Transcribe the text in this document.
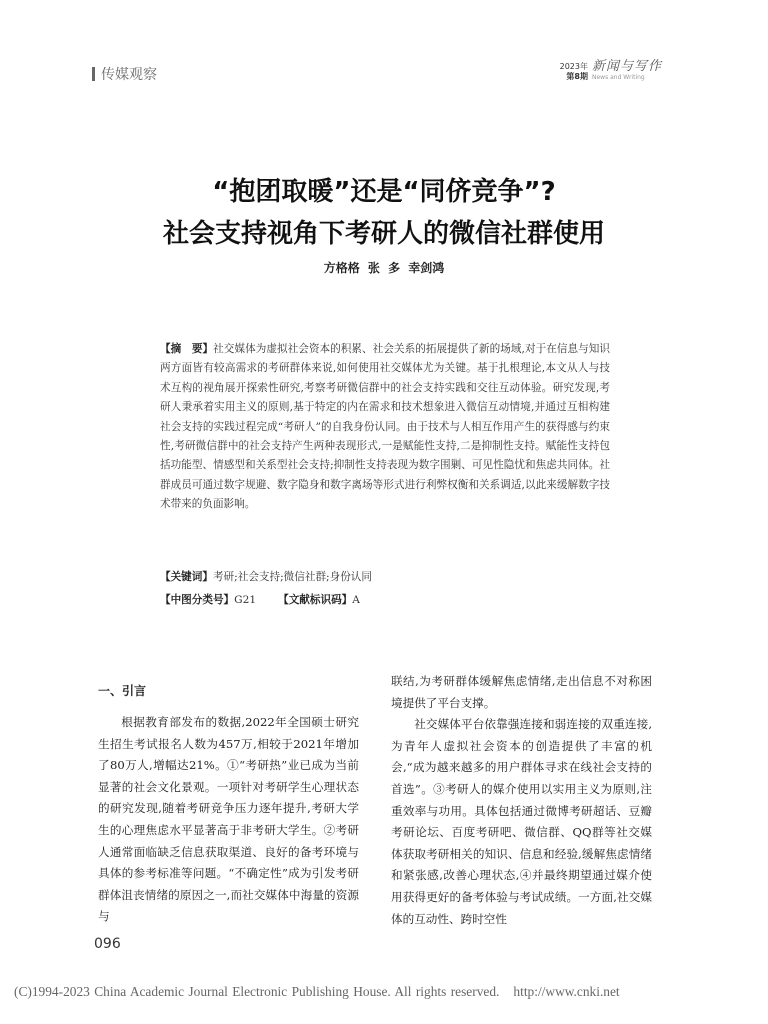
传媒观察
2023年
第8期
新闻与写作
News and Writing
“抱团取暖”还是“同侪竞争”?
社会支持视角下考研人的微信社群使用
方格格 张 多 幸剑鸿
【摘　要】社交媒体为虚拟社会资本的积累、社会关系的拓展提供了新的场域,对于在信息与知识两方面皆有较高需求的考研群体来说,如何使用社交媒体尤为关键。基于扎根理论,本文从人与技术互构的视角展开探索性研究,考察考研微信群中的社会支持实践和交往互动体验。研究发现,考研人秉承着实用主义的原则,基于特定的内在需求和技术想象进入微信互动情境,并通过互相构建社会支持的实践过程完成“考研人”的自我身份认同。由于技术与人相互作用产生的获得感与约束性,考研微信群中的社会支持产生两种表现形式,一是赋能性支持,二是抑制性支持。赋能性支持包括功能型、情感型和关系型社会支持;抑制性支持表现为数字围剿、可见性隐忧和焦虑共同体。社群成员可通过数字规避、数字隐身和数字离场等形式进行利弊权衡和关系调适,以此来缓解数字技术带来的负面影响。
【关键词】考研;社会支持;微信社群;身份认同
【中图分类号】G21 【文献标识码】A

一、引言

根据教育部发布的数据,2022年全国硕士研究生招生考试报名人数为457万,相较于2021年增加了80万人,增幅达21%。①“考研热”业已成为当前显著的社会文化景观。一项针对考研学生心理状态的研究发现,随着考研竞争压力逐年提升,考研大学生的心理焦虑水平显著高于非考研大学生。②考研人通常面临缺乏信息获取渠道、良好的备考环境与具体的参考标准等问题。“不确定性”成为引发考研群体沮丧情绪的原因之一,而社交媒体中海量的资源与

联结,为考研群体缓解焦虑情绪,走出信息不对称困境提供了平台支撑。

社交媒体平台依靠强连接和弱连接的双重连接,为青年人虚拟社会资本的创造提供了丰富的机会,“成为越来越多的用户群体寻求在线社会支持的首选”。③考研人的媒介使用以实用主义为原则,注重效率与功用。具体包括通过微博考研超话、豆瓣考研论坛、百度考研吧、微信群、QQ群等社交媒体获取考研相关的知识、信息和经验,缓解焦虑情绪和紧张感,改善心理状态,④并最终期望通过媒介使用获得更好的备考体验与考试成绩。一方面,社交媒体的互动性、跨时空性

096
(C)1994-2023 China Academic Journal Electronic Publishing House. All rights reserved. http://www.cnki.net
